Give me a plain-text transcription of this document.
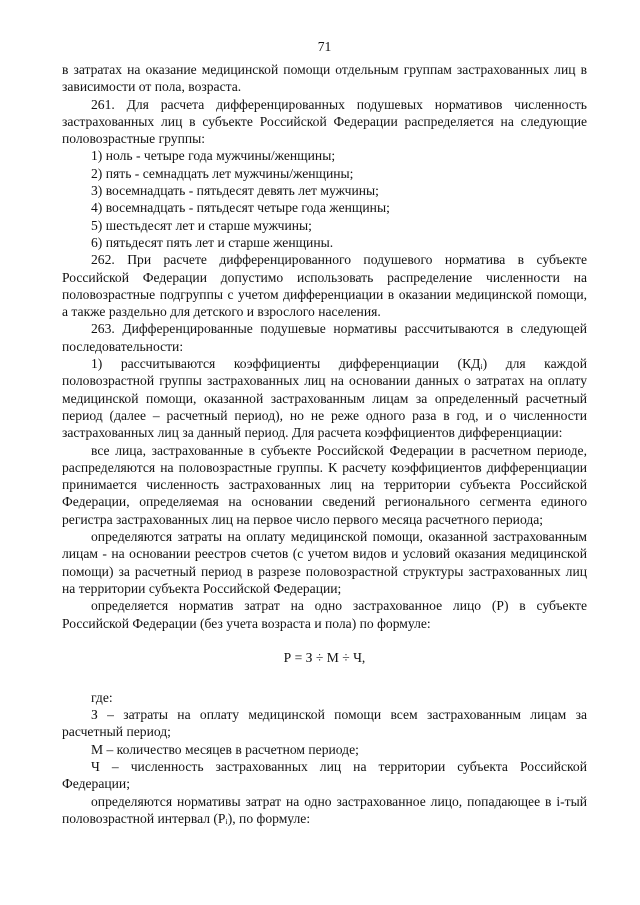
71

в затратах на оказание медицинской помощи отдельным группам застрахованных лиц в зависимости от пола, возраста.

261. Для расчета дифференцированных подушевых нормативов численность застрахованных лиц в субъекте Российской Федерации распределяется на следующие половозрастные группы:

1) ноль - четыре года мужчины/женщины;

2) пять - семнадцать лет мужчины/женщины;

3) восемнадцать - пятьдесят девять лет мужчины;

4) восемнадцать - пятьдесят четыре года женщины;

5) шестьдесят лет и старше мужчины;

6) пятьдесят пять лет и старше женщины.

262. При расчете дифференцированного подушевого норматива в субъекте Российской Федерации допустимо использовать распределение численности на половозрастные подгруппы с учетом дифференциации в оказании медицинской помощи, а также раздельно для детского и взрослого населения.

263. Дифференцированные подушевые нормативы рассчитываются в следующей последовательности:

1) рассчитываются коэффициенты дифференциации (КДᵢ) для каждой половозрастной группы застрахованных лиц на основании данных о затратах на оплату медицинской помощи, оказанной застрахованным лицам за определенный расчетный период (далее – расчетный период), но не реже одного раза в год, и о численности застрахованных лиц за данный период. Для расчета коэффициентов дифференциации:

все лица, застрахованные в субъекте Российской Федерации в расчетном периоде, распределяются на половозрастные группы. К расчету коэффициентов дифференциации принимается численность застрахованных лиц на территории субъекта Российской Федерации, определяемая на основании сведений регионального сегмента единого регистра застрахованных лиц на первое число первого месяца расчетного периода;

определяются затраты на оплату медицинской помощи, оказанной застрахованным лицам - на основании реестров счетов (с учетом видов и условий оказания медицинской помощи) за расчетный период в разрезе половозрастной структуры застрахованных лиц на территории субъекта Российской Федерации;

определяется норматив затрат на одно застрахованное лицо (Р) в субъекте Российской Федерации (без учета возраста и пола) по формуле:

Р = З ÷ М ÷ Ч,

где:

З – затраты на оплату медицинской помощи всем застрахованным лицам за расчетный период;

М – количество месяцев в расчетном периоде;

Ч – численность застрахованных лиц на территории субъекта Российской Федерации;

определяются нормативы затрат на одно застрахованное лицо, попадающее в i-тый половозрастной интервал (Рᵢ), по формуле:
